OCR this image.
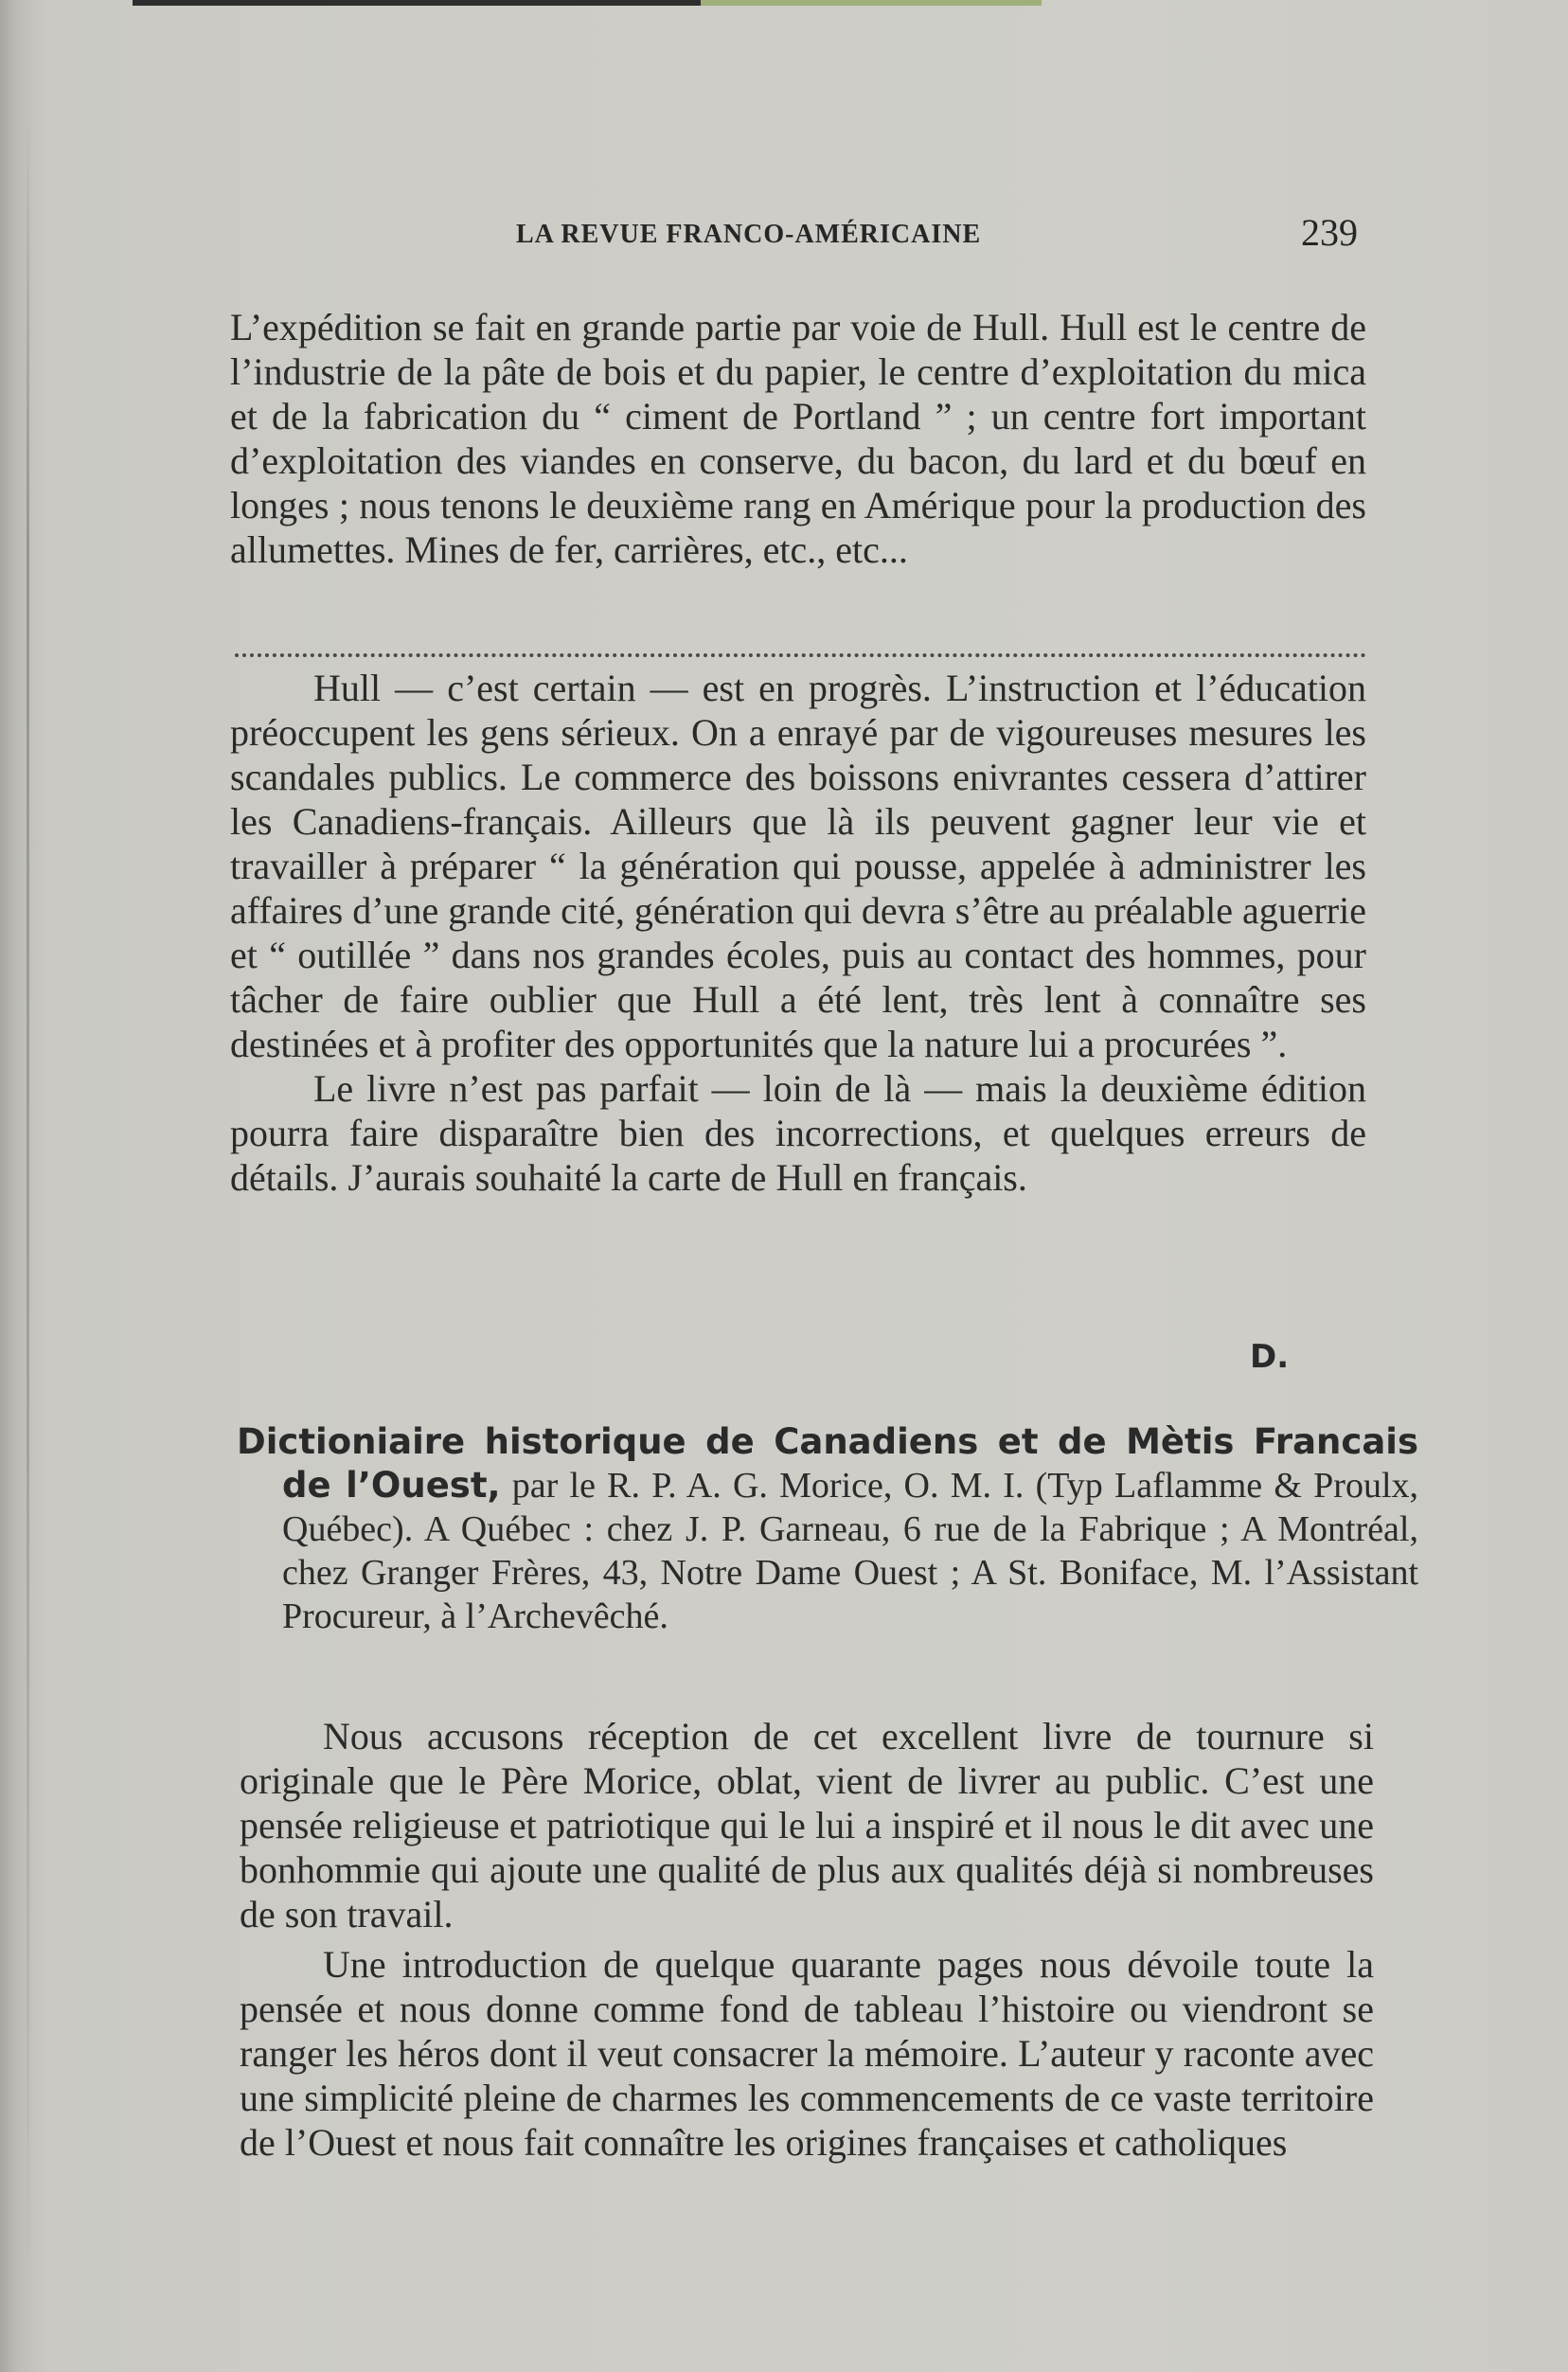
LA REVUE FRANCO-AMÉRICAINE	239

L’expédition se fait en grande partie par voie de Hull. Hull est le centre de l’industrie de la pâte de bois et du papier, le centre d’exploitation du mica et de la fabrication du “ ciment de Portland ” ; un centre fort important d’exploitation des viandes en conserve, du bacon, du lard et du bœuf en longes ; nous tenons le deuxième rang en Amérique pour la production des allumettes. Mines de fer, carrières, etc., etc...

Hull — c’est certain — est en progrès. L’instruction et l’éducation préoccupent les gens sérieux. On a enrayé par de vigoureuses mesures les scandales publics. Le commerce des boissons enivrantes cessera d’attirer les Canadiens-français. Ailleurs que là ils peuvent gagner leur vie et travailler à préparer “ la génération qui pousse, appelée à administrer les affaires d’une grande cité, génération qui devra s’être au préalable aguerrie et “ outillée ” dans nos grandes écoles, puis au contact des hommes, pour tâcher de faire oublier que Hull a été lent, très lent à connaître ses destinées et à profiter des opportunités que la nature lui a procurées ”.

Le livre n’est pas parfait — loin de là — mais la deuxième édition pourra faire disparaître bien des incorrections, et quelques erreurs de détails. J’aurais souhaité la carte de Hull en français.

D.
Dictioniaire historique de Canadiens et de Mètis Francais de l’Ouest, par le R. P. A. G. Morice, O. M. I. (Typ Laflamme & Proulx, Québec). A Québec : chez J. P. Garneau, 6 rue de la Fabrique ; A Montréal, chez Granger Frères, 43, Notre Dame Ouest ; A St. Boniface, M. l’Assistant Procureur, à l’Archevêché.

Nous accusons réception de cet excellent livre de tournure si originale que le Père Morice, oblat, vient de livrer au public. C’est une pensée religieuse et patriotique qui le lui a inspiré et il nous le dit avec une bonhommie qui ajoute une qualité de plus aux qualités déjà si nombreuses de son travail.

Une introduction de quelque quarante pages nous dévoile toute la pensée et nous donne comme fond de tableau l’histoire ou viendront se ranger les héros dont il veut consacrer la mémoire. L’auteur y raconte avec une simplicité pleine de charmes les commencements de ce vaste territoire de l’Ouest et nous fait connaître les origines françaises et catholiques
